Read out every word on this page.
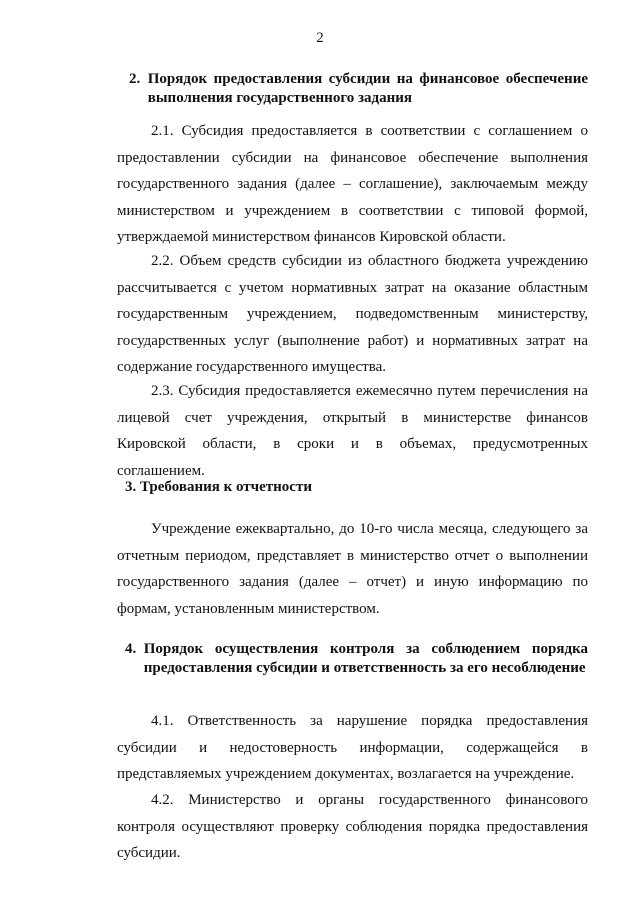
2
2. Порядок предоставления субсидии на финансовое обеспечение выполнения государственного задания

2.1. Субсидия предоставляется в соответствии с соглашением о предоставлении субсидии на финансовое обеспечение выполнения государственного задания (далее – соглашение), заключаемым между министерством и учреждением в соответствии с типовой формой, утверждаемой министерством финансов Кировской области.

2.2. Объем средств субсидии из областного бюджета учреждению рассчитывается с учетом нормативных затрат на оказание областным государственным учреждением, подведомственным министерству, государственных услуг (выполнение работ) и нормативных затрат на содержание государственного имущества.

2.3. Субсидия предоставляется ежемесячно путем перечисления на лицевой счет учреждения, открытый в министерстве финансов Кировской области, в сроки и в объемах, предусмотренных соглашением.

3. Требования к отчетности

Учреждение ежеквартально, до 10-го числа месяца, следующего за отчетным периодом, представляет в министерство отчет о выполнении государственного задания (далее – отчет) и иную информацию по формам, установленным министерством.

4. Порядок осуществления контроля за соблюдением порядка предоставления субсидии и ответственность за его несоблюдение

4.1. Ответственность за нарушение порядка предоставления субсидии и недостоверность информации, содержащейся в представляемых учреждением документах, возлагается на учреждение.

4.2. Министерство и органы государственного финансового контроля осуществляют проверку соблюдения порядка предоставления субсидии.
